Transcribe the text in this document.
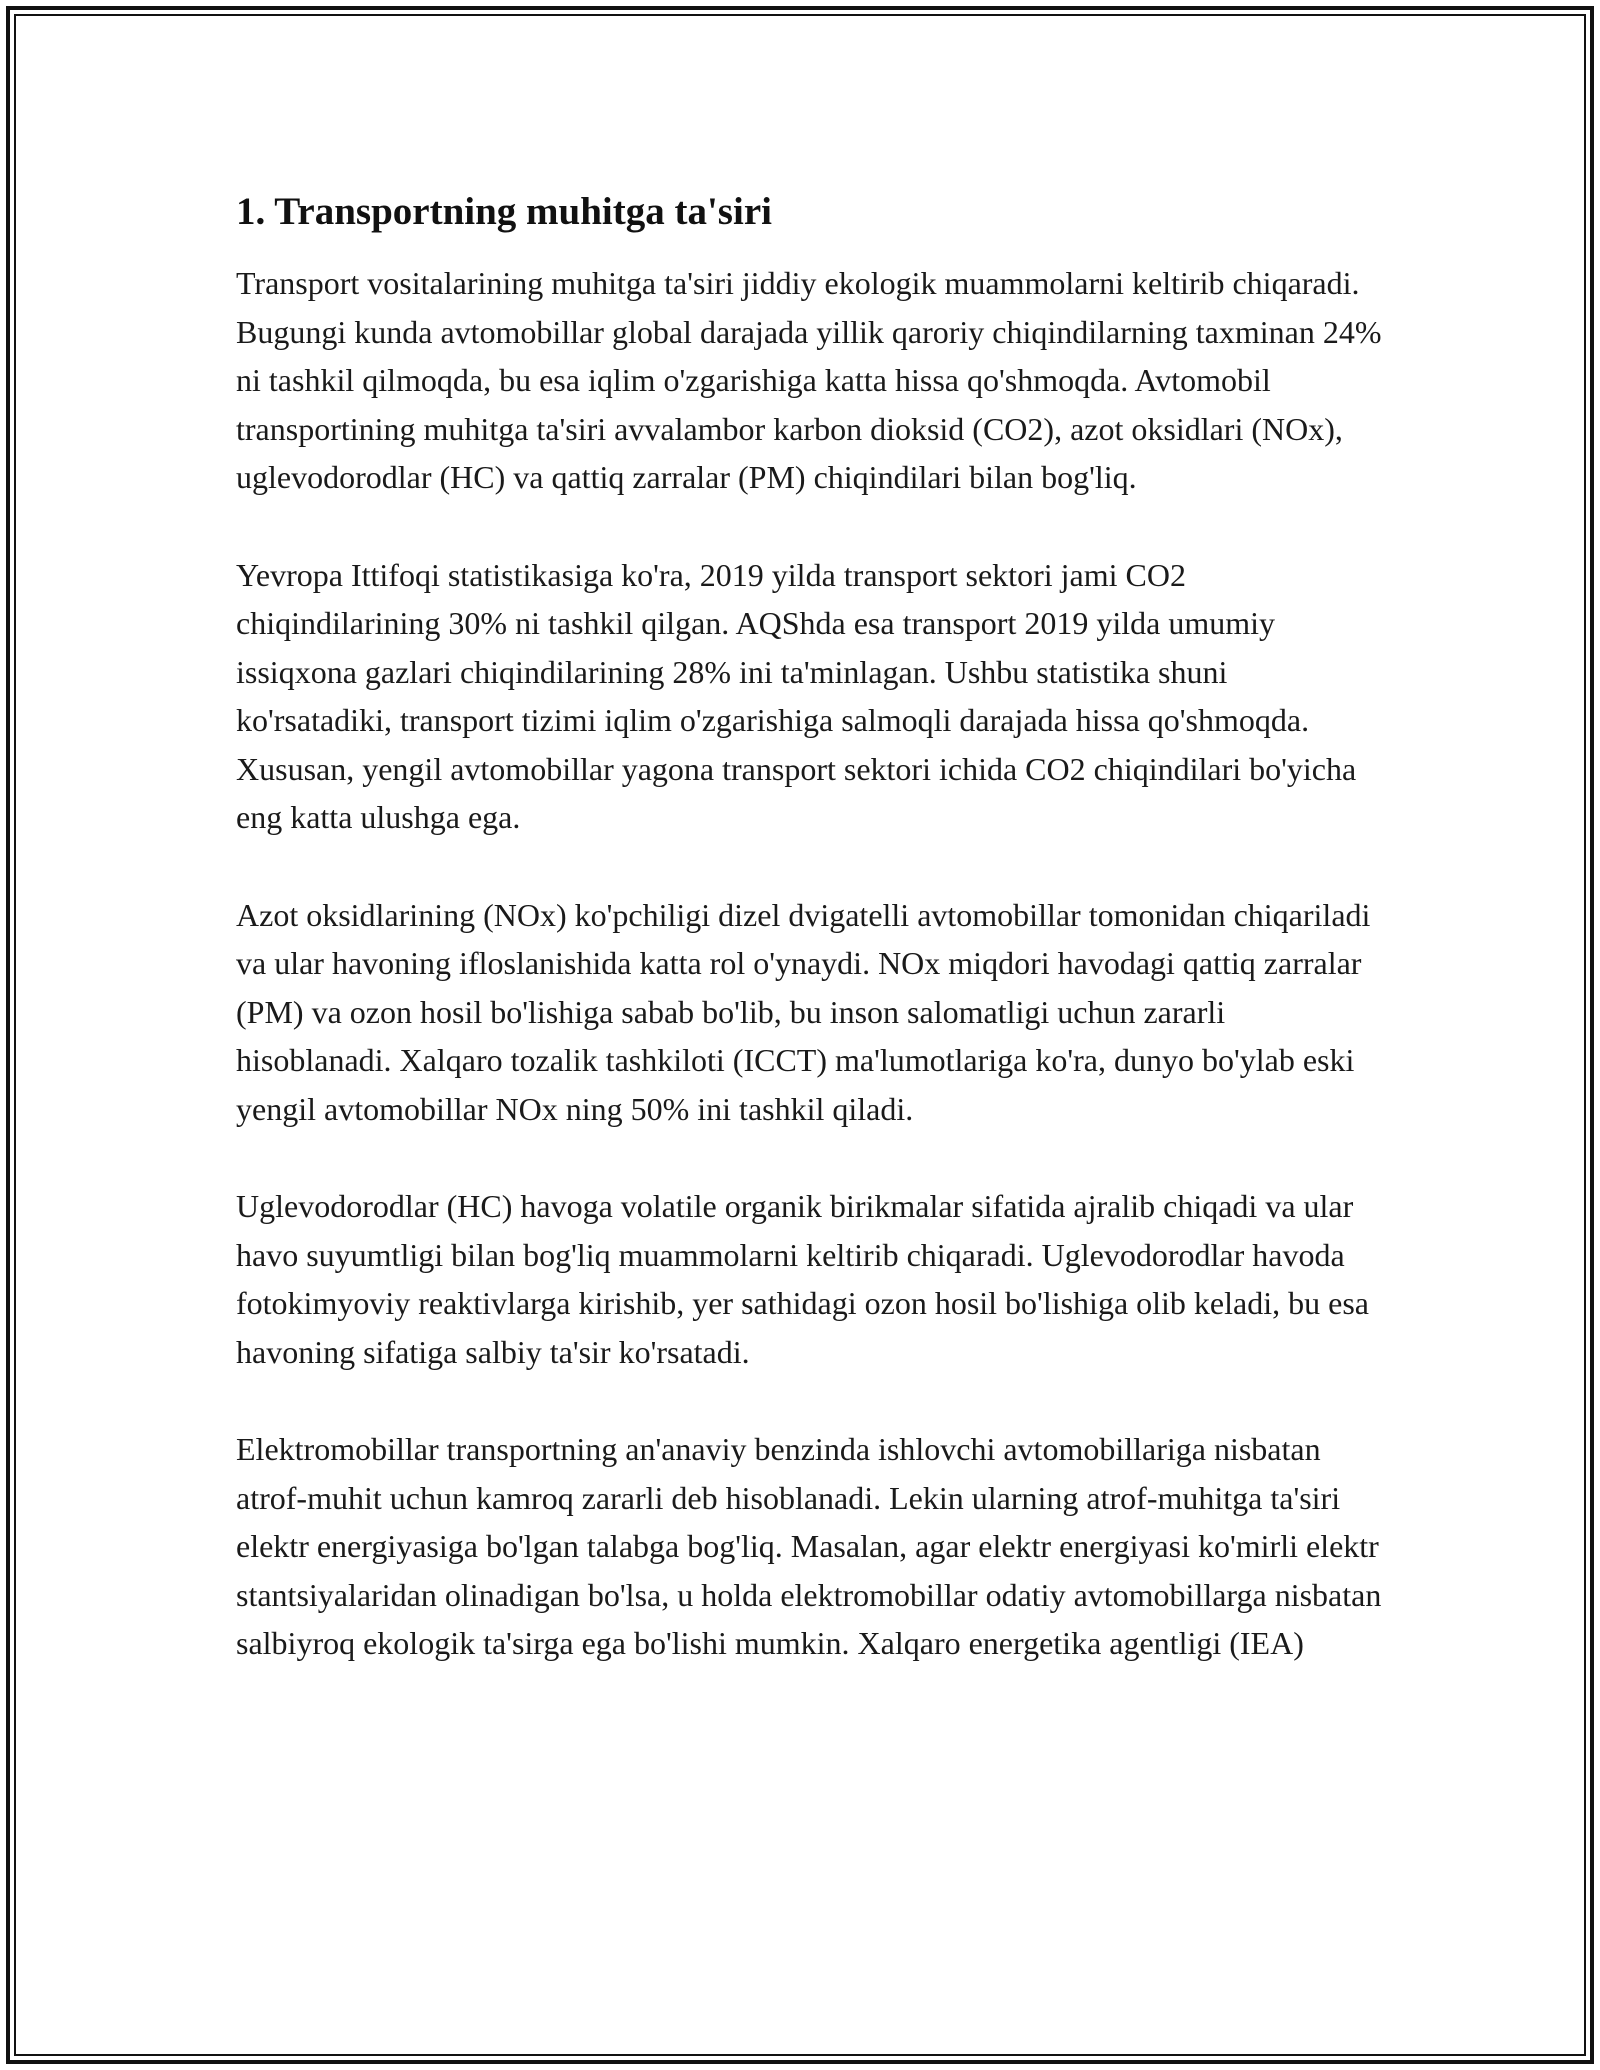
1. Transportning muhitga ta'siri

Transport vositalarining muhitga ta'siri jiddiy ekologik muammolarni keltirib chiqaradi. Bugungi kunda avtomobillar global darajada yillik qaroriy chiqindilarning taxminan 24% ni tashkil qilmoqda, bu esa iqlim o'zgarishiga katta hissa qo'shmoqda. Avtomobil transportining muhitga ta'siri avvalambor karbon dioksid (CO2), azot oksidlari (NOx), uglevodorodlar (HC) va qattiq zarralar (PM) chiqindilari bilan bog'liq.

Yevropa Ittifoqi statistikasiga ko'ra, 2019 yilda transport sektori jami CO2 chiqindilarining 30% ni tashkil qilgan. AQShda esa transport 2019 yilda umumiy issiqxona gazlari chiqindilarining 28% ini ta'minlagan. Ushbu statistika shuni ko'rsatadiki, transport tizimi iqlim o'zgarishiga salmoqli darajada hissa qo'shmoqda. Xususan, yengil avtomobillar yagona transport sektori ichida CO2 chiqindilari bo'yicha eng katta ulushga ega.

Azot oksidlarining (NOx) ko'pchiligi dizel dvigatelli avtomobillar tomonidan chiqariladi va ular havoning ifloslanishida katta rol o'ynaydi. NOx miqdori havodagi qattiq zarralar (PM) va ozon hosil bo'lishiga sabab bo'lib, bu inson salomatligi uchun zararli hisoblanadi. Xalqaro tozalik tashkiloti (ICCT) ma'lumotlariga ko'ra, dunyo bo'ylab eski yengil avtomobillar NOx ning 50% ini tashkil qiladi.

Uglevodorodlar (HC) havoga volatile organik birikmalar sifatida ajralib chiqadi va ular havo suyumtligi bilan bog'liq muammolarni keltirib chiqaradi. Uglevodorodlar havoda fotokimyoviy reaktivlarga kirishib, yer sathidagi ozon hosil bo'lishiga olib keladi, bu esa havoning sifatiga salbiy ta'sir ko'rsatadi.

Elektromobillar transportning an'anaviy benzinda ishlovchi avtomobillariga nisbatan atrof-muhit uchun kamroq zararli deb hisoblanadi. Lekin ularning atrof-muhitga ta'siri elektr energiyasiga bo'lgan talabga bog'liq. Masalan, agar elektr energiyasi ko'mirli elektr stantsiyalaridan olinadigan bo'lsa, u holda elektromobillar odatiy avtomobillarga nisbatan salbiyroq ekologik ta'sirga ega bo'lishi mumkin. Xalqaro energetika agentligi (IEA)
